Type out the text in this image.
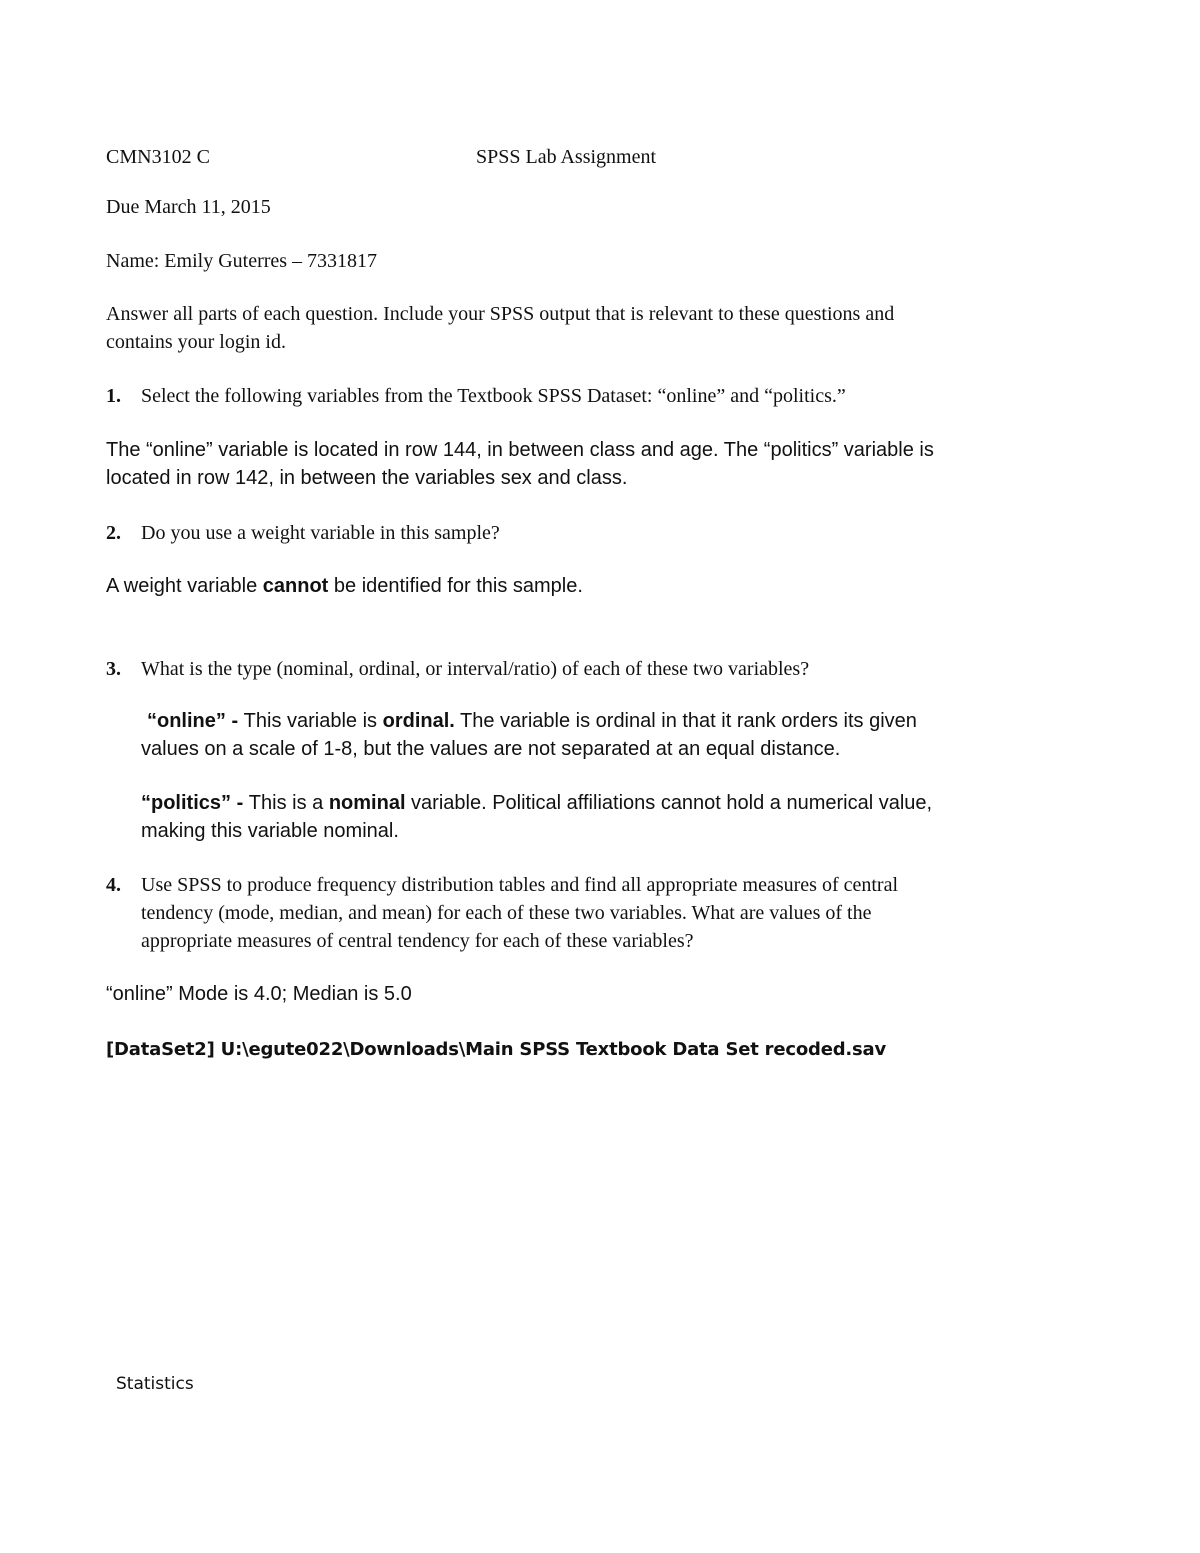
CMN3102 C	SPSS Lab Assignment
Due March 11, 2015
Name: Emily Guterres – 7331817
Answer all parts of each question. Include your SPSS output that is relevant to these questions and
contains your login id.
1. Select the following variables from the Textbook SPSS Dataset: “online” and “politics.”
The “online” variable is located in row 144, in between class and age. The “politics” variable is
located in row 142, in between the variables sex and class.
2. Do you use a weight variable in this sample?
A weight variable cannot be identified for this sample.
3. What is the type (nominal, ordinal, or interval/ratio) of each of these two variables?
“online” - This variable is ordinal. The variable is ordinal in that it rank orders its given
values on a scale of 1-8, but the values are not separated at an equal distance.
“politics” - This is a nominal variable. Political affiliations cannot hold a numerical value,
making this variable nominal.
4. Use SPSS to produce frequency distribution tables and find all appropriate measures of central
tendency (mode, median, and mean) for each of these two variables. What are values of the
appropriate measures of central tendency for each of these variables?
“online” Mode is 4.0; Median is 5.0
[DataSet2] U:\egute022\Downloads\Main SPSS Textbook Data Set recoded.sav
Statistics
